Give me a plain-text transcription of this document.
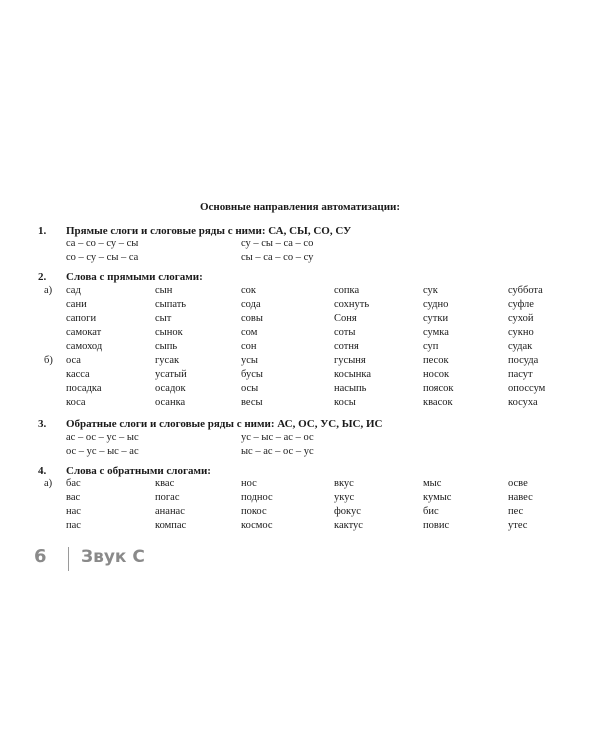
Основные направления автоматизации:
1. Прямые слоги и слоговые ряды с ними: СА, СЫ, СО, СУ
са – со – су – сы	су – сы – са – со
со – су – сы – са	сы – са – со – су
2. Слова с прямыми слогами:
а) сад	сын	сок	сопка	сук	суббота
сани	сыпать	сода	сохнуть	судно	суфле
сапоги	сыт	совы	Соня	сутки	сухой
самокат	сынок	сом	соты	сумка	сукно
самоход	сыпь	сон	сотня	суп	судак
б) оса	гусак	усы	гусыня	песок	посуда
касса	усатый	бусы	косынка	носок	пасут
посадка	осадок	осы	насыпь	поясок	опоссум
коса	осанка	весы	косы	квасок	косуха
3. Обратные слоги и слоговые ряды с ними: АС, ОС, УС, ЫС, ИС
ас – ос – ус – ыс	ус – ыс – ас – ос
ос – ус – ыс – ас	ыс – ас – ос – ус
4. Слова с обратными слогами:
а) бас	квас	нос	вкус	мыс	осве
вас	погас	поднос	укус	кумыс	навес
нас	ананас	покос	фокус	бис	пес
пас	компас	космос	кактус	повис	утес
6 Звук С
